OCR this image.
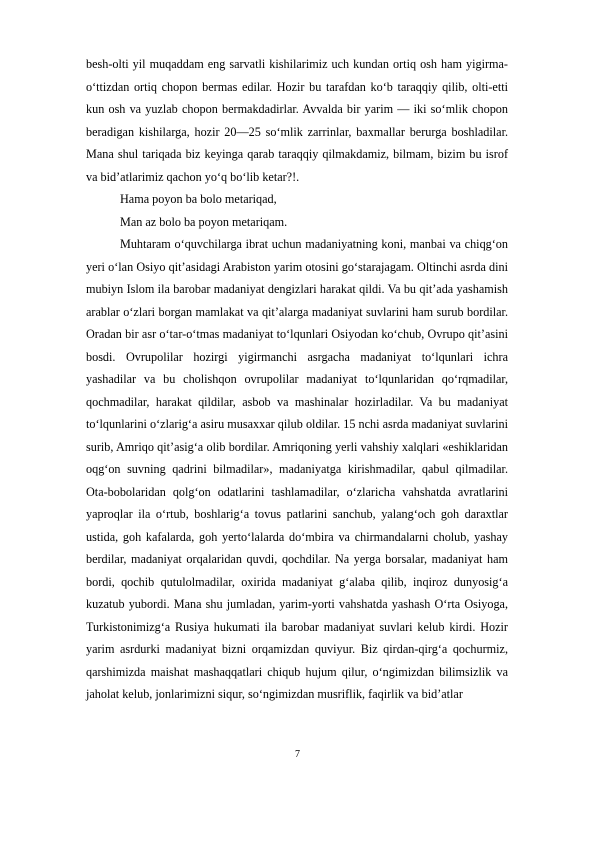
besh-olti yil muqaddam eng sarvatli kishilarimiz uch kundan ortiq osh ham yigirma-o‘ttizdan ortiq chopon bermas edilar. Hozir bu tarafdan ko‘b taraqqiy qilib, olti-etti kun osh va yuzlab chopon bermakdadirlar. Avvalda bir yarim — iki so‘mlik chopon beradigan kishilarga, hozir 20—25 so‘mlik zarrinlar, baxmallar berurga boshladilar. Mana shul tariqada biz keyinga qarab taraqqiy qilmakdamiz, bilmam, bizim bu isrof va bid’atlarimiz qachon yo‘q bo‘lib ketar?!.

Hama poyon ba bolo metariqad,

Man az bolo ba poyon metariqam.

Muhtaram o‘quvchilarga ibrat uchun madaniyatning koni, manbai va chiqg‘on yeri o‘lan Osiyo qit’asidagi Arabiston yarim otosini go‘starajagam. Oltinchi asrda dini mubiyn Islom ila barobar madaniyat dengizlari harakat qildi. Va bu qit’ada yashamish arablar o‘zlari borgan mamlakat va qit’alarga madaniyat suvlarini ham surub bordilar. Oradan bir asr o‘tar-o‘tmas madaniyat to‘lqunlari Osiyodan ko‘chub, Ovrupo qit’asini bosdi. Ovrupolilar hozirgi yigirmanchi asrgacha madaniyat to‘lqunlari ichra yashadilar va bu cholishqon ovrupolilar madaniyat to‘lqunlaridan qo‘rqmadilar, qochmadilar, harakat qildilar, asbob va mashinalar hozirladilar. Va bu madaniyat to‘lqunlarini o‘zlarig‘a asiru musaxxar qilub oldilar. 15 nchi asrda madaniyat suvlarini surib, Amriqo qit’asig‘a olib bordilar. Amriqoning yerli vahshiy xalqlari «eshiklaridan oqg‘on suvning qadrini bilmadilar», madaniyatga kirishmadilar, qabul qilmadilar. Ota-bobolaridan qolg‘on odatlarini tashlamadilar, o‘zlaricha vahshatda avratlarini yaproqlar ila o‘rtub, boshlarig‘a tovus patlarini sanchub, yalang‘och goh daraxtlar ustida, goh kafalarda, goh yerto‘lalarda do‘mbira va chirmandalarni cholub, yashay berdilar, madaniyat orqalaridan quvdi, qochdilar. Na yerga borsalar, madaniyat ham bordi, qochib qutulolmadilar, oxirida madaniyat g‘alaba qilib, inqiroz dunyosig‘a kuzatub yubordi. Mana shu jumladan, yarim-yorti vahshatda yashash O‘rta Osiyoga, Turkistonimizg‘a Rusiya hukumati ila barobar madaniyat suvlari kelub kirdi. Hozir yarim asrdurki madaniyat bizni orqamizdan quviyur. Biz qirdan-qirg‘a qochurmiz, qarshimizda maishat mashaqqatlari chiqub hujum qilur, o‘ngimizdan bilimsizlik va jaholat kelub, jonlarimizni siqur, so‘ngimizdan musriflik, faqirlik va bid’atlar

7
